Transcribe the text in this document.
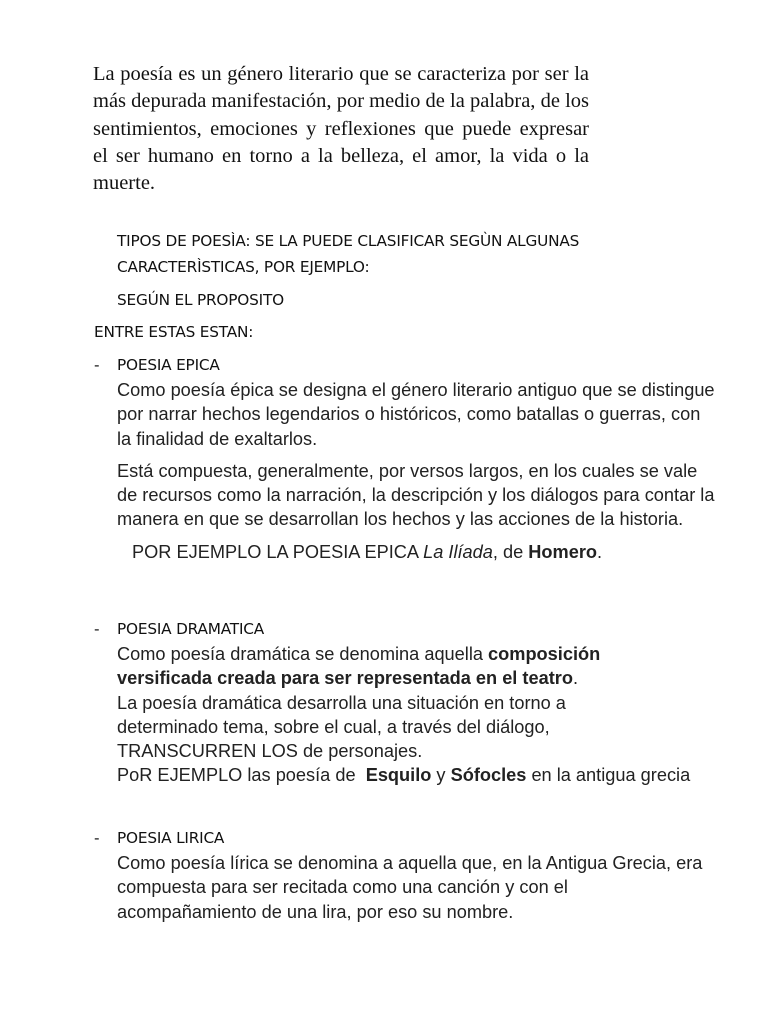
La poesía es un género literario que se caracteriza por ser la más depurada manifestación, por medio de la palabra, de los sentimientos, emociones y reflexiones que puede expresar el ser humano en torno a la belleza, el amor, la vida o la muerte.

TIPOS DE POESÌA: SE LA PUEDE CLASIFICAR SEGÙN ALGUNAS

CARACTERÌSTICAS, POR EJEMPLO:

SEGÚN EL PROPOSITO

ENTRE ESTAS ESTAN:

- POESIA EPICA

Como poesía épica se designa el género literario antiguo que se distingue por narrar hechos legendarios o históricos, como batallas o guerras, con la finalidad de exaltarlos.

Está compuesta, generalmente, por versos largos, en los cuales se vale de recursos como la narración, la descripción y los diálogos para contar la manera en que se desarrollan los hechos y las acciones de la historia.

POR EJEMPLO LA POESIA EPICA La Ilíada, de Homero.

- POESIA DRAMATICA

Como poesía dramática se denomina aquella composición versificada creada para ser representada en el teatro.

La poesía dramática desarrolla una situación en torno a determinado tema, sobre el cual, a través del diálogo, TRANSCURREN LOS de personajes.

PoR EJEMPLO las poesía de  Esquilo y Sófocles en la antigua grecia

- POESIA LIRICA

Como poesía lírica se denomina a aquella que, en la Antigua Grecia, era compuesta para ser recitada como una canción y con el acompañamiento de una lira, por eso su nombre.
